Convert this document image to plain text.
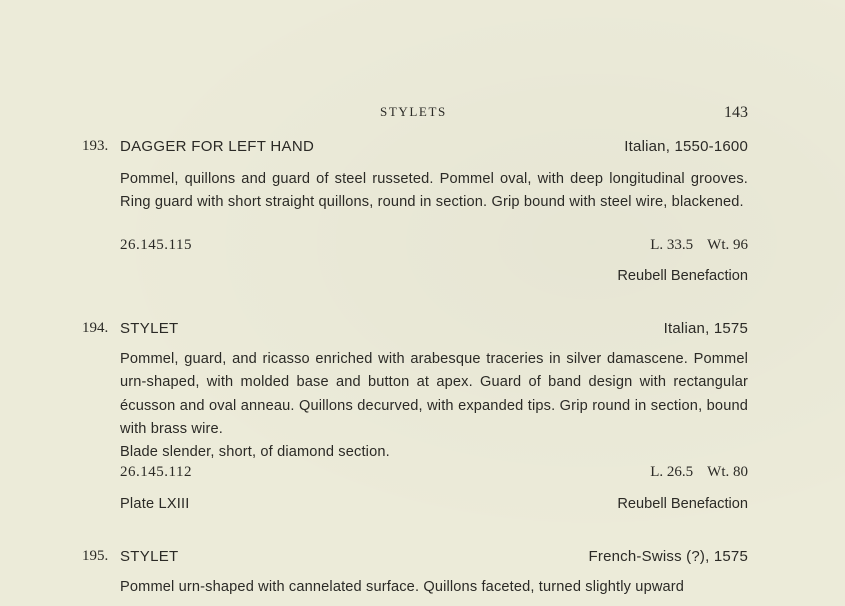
STYLETS	143
193. DAGGER FOR LEFT HAND	Italian, 1550-1600

Pommel, quillons and guard of steel russeted. Pommel oval, with deep longitudinal grooves. Ring guard with short straight quillons, round in section. Grip bound with steel wire, blackened.

26.145.115	L. 33.5 Wt. 96
Reubell Benefaction
194. STYLET	Italian, 1575

Pommel, guard, and ricasso enriched with arabesque traceries in silver damascene. Pommel urn-shaped, with molded base and button at apex. Guard of band design with rectangular écusson and oval anneau. Quillons decurved, with expanded tips. Grip round in section, bound with brass wire.

Blade slender, short, of diamond section.

26.145.112	L. 26.5 Wt. 80
Plate LXIII	Reubell Benefaction
195. STYLET	French-Swiss (?), 1575

Pommel urn-shaped with cannelated surface. Quillons faceted, turned slightly upward
